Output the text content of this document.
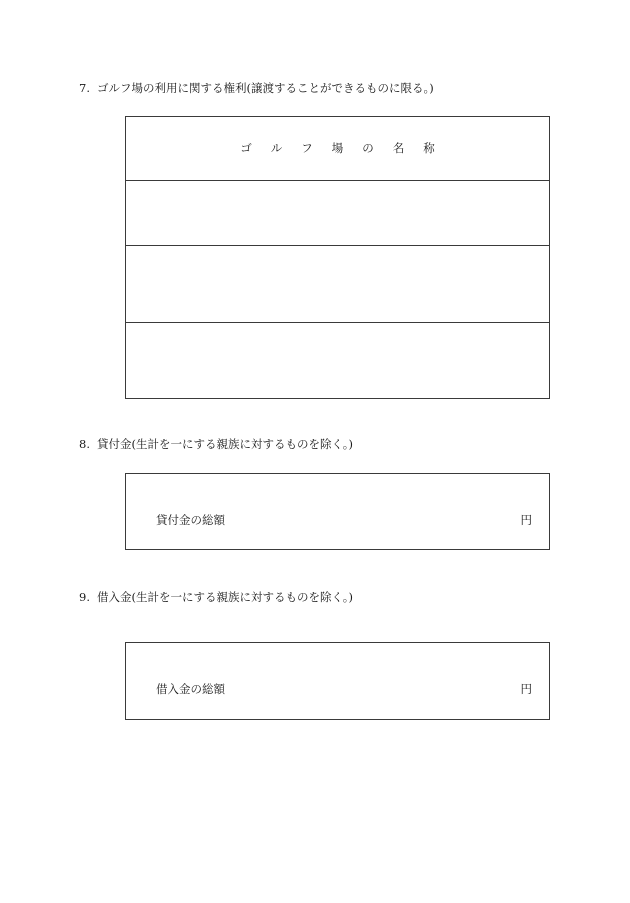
7. ゴルフ場の利用に関する権利(譲渡することができるものに限る。)
ゴルフ場の名称
8. 貸付金(生計を一にする親族に対するものを除く。)
貸付金の総額	円
9. 借入金(生計を一にする親族に対するものを除く。)
借入金の総額	円
